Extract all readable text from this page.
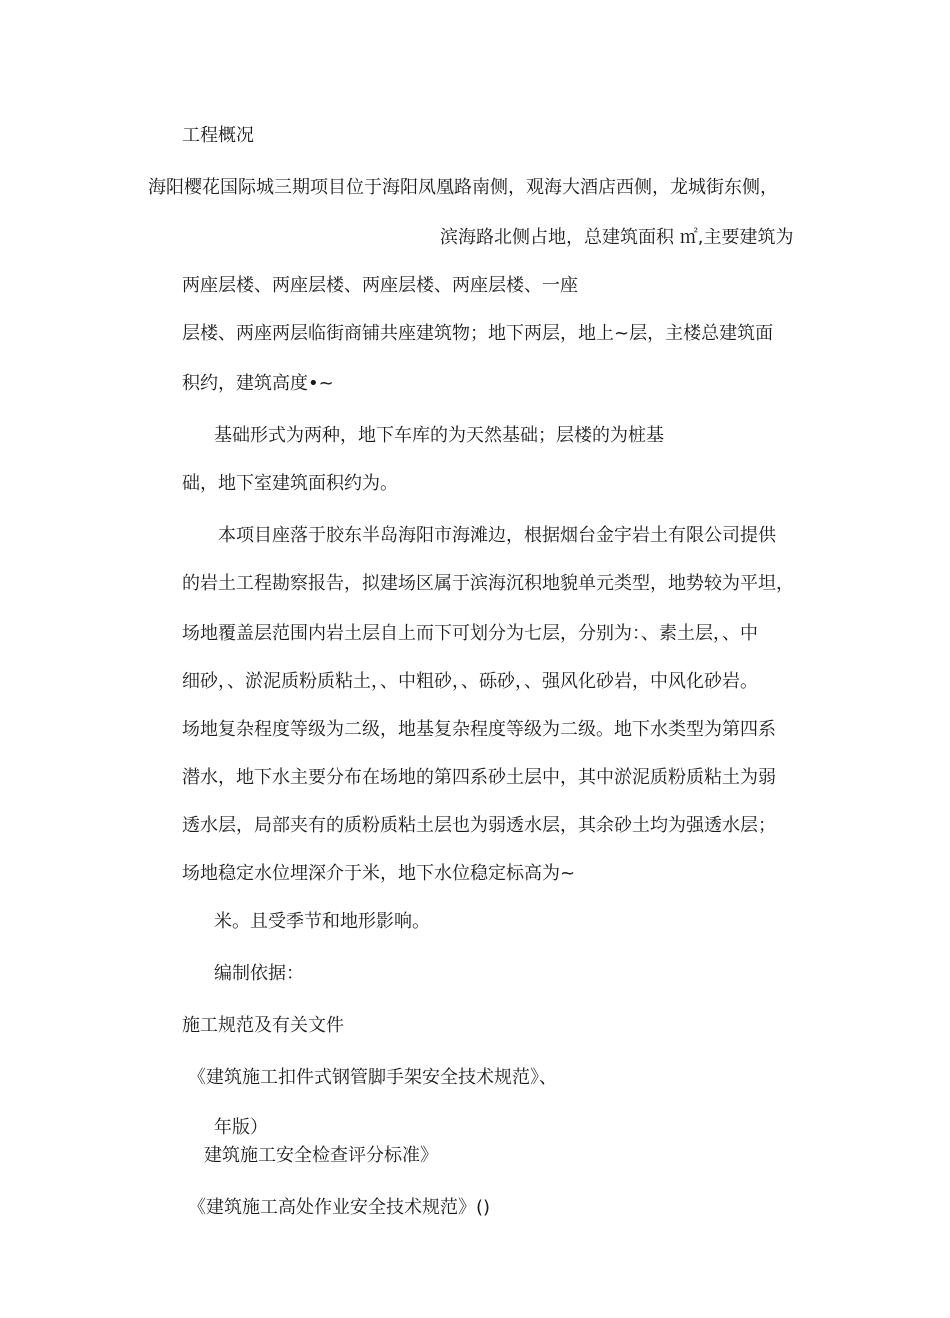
工程概况
海阳樱花国际城三期项目位于海阳凤凰路南侧，观海大酒店西侧，龙城街东侧，
滨海路北侧占地，总建筑面积 ㎡,主要建筑为
两座层楼、两座层楼、两座层楼、两座层楼、一座
层楼、两座两层临街商铺共座建筑物；地下两层，地上~层，主楼总建筑面
积约，建筑高度•~
基础形式为两种，地下车库的为天然基础；层楼的为桩基
础，地下室建筑面积约为。
本项目座落于胶东半岛海阳市海滩边，根据烟台金宇岩土有限公司提供
的岩土工程勘察报告，拟建场区属于滨海沉积地貌单元类型，地势较为平坦，
场地覆盖层范围内岩土层自上而下可划分为七层，分别为：、素土层，、中
细砂，、淤泥质粉质粘土，、中粗砂，、砾砂，、强风化砂岩，中风化砂岩。
场地复杂程度等级为二级，地基复杂程度等级为二级。地下水类型为第四系
潜水，地下水主要分布在场地的第四系砂土层中，其中淤泥质粉质粘土为弱
透水层，局部夹有的质粉质粘土层也为弱透水层，其余砂土均为强透水层；
场地稳定水位埋深介于米，地下水位稳定标高为~
米。且受季节和地形影响。
编制依据：
施工规范及有关文件
《建筑施工扣件式钢管脚手架安全技术规范》、
年版）
建筑施工安全检查评分标准》
《建筑施工高处作业安全技术规范》()
